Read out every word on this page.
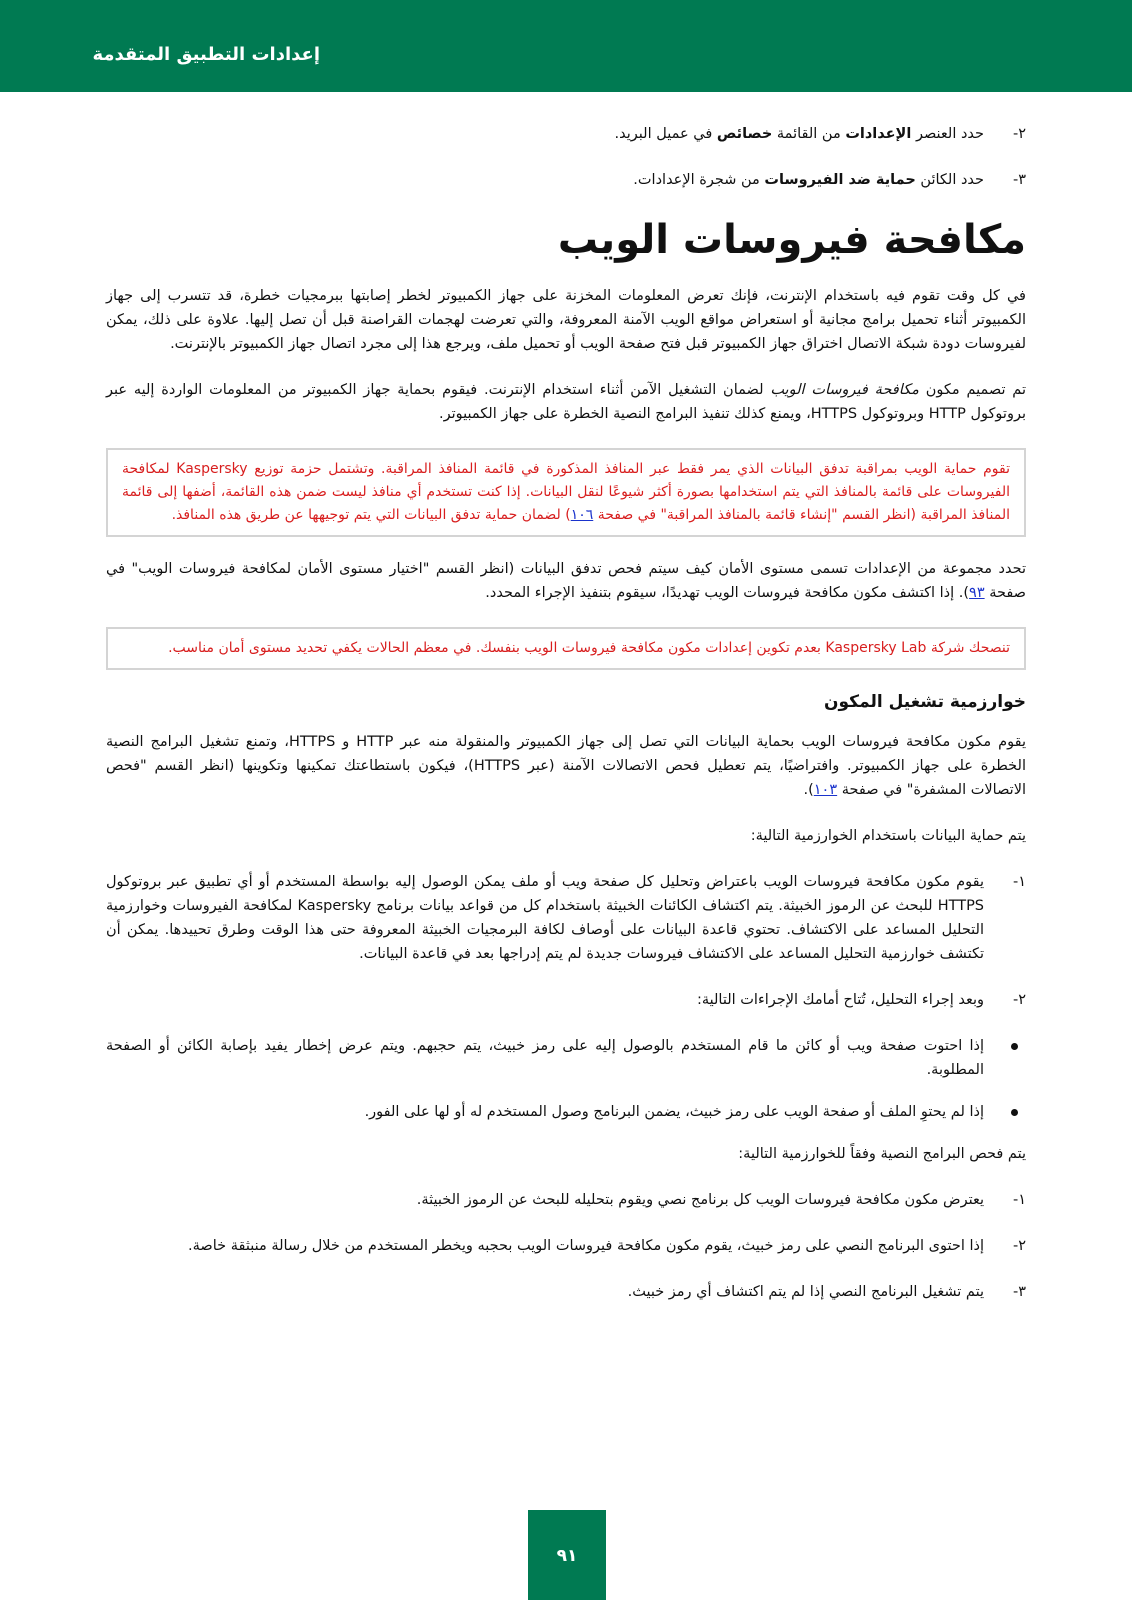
إعدادات التطبيق المتقدمة
٢-
حدد العنصر الإعدادات من القائمة خصائص في عميل البريد.
٣-
حدد الكائن حماية ضد الفيروسات من شجرة الإعدادات.
مكافحة فيروسات الويب

في كل وقت تقوم فيه باستخدام الإنترنت، فإنك تعرض المعلومات المخزنة على جهاز الكمبيوتر لخطر إصابتها ببرمجيات خطرة، قد تتسرب إلى جهاز الكمبيوتر أثناء تحميل برامج مجانية أو استعراض مواقع الويب الآمنة المعروفة، والتي تعرضت لهجمات القراصنة قبل أن تصل إليها. علاوة على ذلك، يمكن لفيروسات دودة شبكة الاتصال اختراق جهاز الكمبيوتر قبل فتح صفحة الويب أو تحميل ملف، ويرجع هذا إلى مجرد اتصال جهاز الكمبيوتر بالإنترنت.

تم تصميم مكون مكافحة فيروسات الويب لضمان التشغيل الآمن أثناء استخدام الإنترنت. فيقوم بحماية جهاز الكمبيوتر من المعلومات الواردة إليه عبر بروتوكول HTTP وبروتوكول HTTPS، ويمنع كذلك تنفيذ البرامج النصية الخطرة على جهاز الكمبيوتر.

تقوم حماية الويب بمراقبة تدفق البيانات الذي يمر فقط عبر المنافذ المذكورة في قائمة المنافذ المراقبة. وتشتمل حزمة توزيع Kaspersky لمكافحة الفيروسات على قائمة بالمنافذ التي يتم استخدامها بصورة أكثر شيوعًا لنقل البيانات. إذا كنت تستخدم أي منافذ ليست ضمن هذه القائمة، أضفها إلى قائمة المنافذ المراقبة (انظر القسم "إنشاء قائمة بالمنافذ المراقبة" في صفحة ١٠٦) لضمان حماية تدفق البيانات التي يتم توجيهها عن طريق هذه المنافذ.

تحدد مجموعة من الإعدادات تسمى مستوى الأمان كيف سيتم فحص تدفق البيانات (انظر القسم "اختيار مستوى الأمان لمكافحة فيروسات الويب" في صفحة ٩٣). إذا اكتشف مكون مكافحة فيروسات الويب تهديدًا، سيقوم بتنفيذ الإجراء المحدد.

تنصحك شركة Kaspersky Lab بعدم تكوين إعدادات مكون مكافحة فيروسات الويب بنفسك. في معظم الحالات يكفي تحديد مستوى أمان مناسب.
خوارزمية تشغيل المكون

يقوم مكون مكافحة فيروسات الويب بحماية البيانات التي تصل إلى جهاز الكمبيوتر والمنقولة منه عبر HTTP و HTTPS، وتمنع تشغيل البرامج النصية الخطرة على جهاز الكمبيوتر. وافتراضيًا، يتم تعطيل فحص الاتصالات الآمنة (عبر HTTPS)، فيكون باستطاعتك تمكينها وتكوينها (انظر القسم "فحص الاتصالات المشفرة" في صفحة ١٠٣).

يتم حماية البيانات باستخدام الخوارزمية التالية:

١-
يقوم مكون مكافحة فيروسات الويب باعتراض وتحليل كل صفحة ويب أو ملف يمكن الوصول إليه بواسطة المستخدم أو أي تطبيق عبر بروتوكول HTTPS للبحث عن الرموز الخبيثة. يتم اكتشاف الكائنات الخبيثة باستخدام كل من قواعد بيانات برنامج Kaspersky لمكافحة الفيروسات وخوارزمية التحليل المساعد على الاكتشاف. تحتوي قاعدة البيانات على أوصاف لكافة البرمجيات الخبيثة المعروفة حتى هذا الوقت وطرق تحييدها. يمكن أن تكتشف خوارزمية التحليل المساعد على الاكتشاف فيروسات جديدة لم يتم إدراجها بعد في قاعدة البيانات.
٢-
وبعد إجراء التحليل، تُتاح أمامك الإجراءات التالية:
إذا احتوت صفحة ويب أو كائن ما قام المستخدم بالوصول إليه على رمز خبيث، يتم حجبهم. ويتم عرض إخطار يفيد بإصابة الكائن أو الصفحة المطلوبة.
إذا لم يحتوِ الملف أو صفحة الويب على رمز خبيث، يضمن البرنامج وصول المستخدم له أو لها على الفور.

يتم فحص البرامج النصية وفقاً للخوارزمية التالية:

١-
يعترض مكون مكافحة فيروسات الويب كل برنامج نصي ويقوم بتحليله للبحث عن الرموز الخبيثة.
٢-
إذا احتوى البرنامج النصي على رمز خبيث، يقوم مكون مكافحة فيروسات الويب بحجبه ويخطر المستخدم من خلال رسالة منبثقة خاصة.
٣-
يتم تشغيل البرنامج النصي إذا لم يتم اكتشاف أي رمز خبيث.
٩١
